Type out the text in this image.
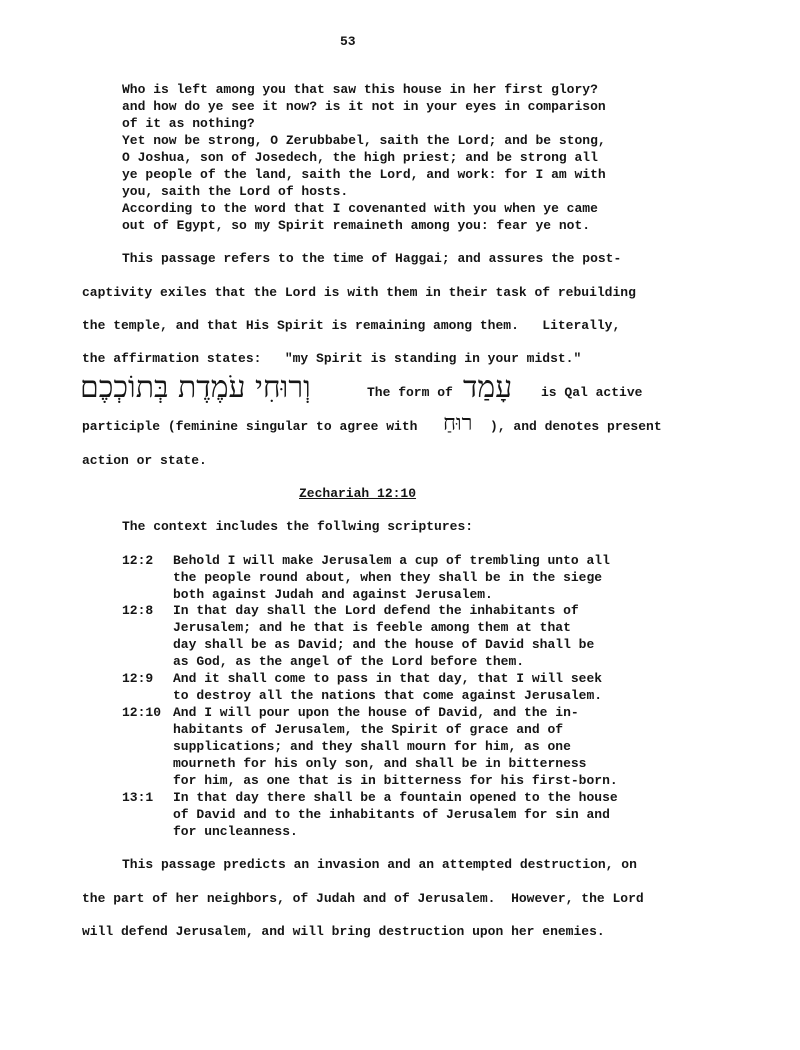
53
Who is left among you that saw this house in her first glory?
and how do ye see it now? is it not in your eyes in comparison
of it as nothing?
Yet now be strong, O Zerubbabel, saith the Lord; and be stong,
O Joshua, son of Josedech, the high priest; and be strong all
ye people of the land, saith the Lord, and work: for I am with
you, saith the Lord of hosts.
According to the word that I covenanted with you when ye came
out of Egypt, so my Spirit remaineth among you: fear ye not.
This passage refers to the time of Haggai; and assures the post-
captivity exiles that the Lord is with them in their task of rebuilding
the temple, and that His Spirit is remaining among them.   Literally,
the affirmation states:   "my Spirit is standing in your midst."
וְרוּחִי עֹמֶדֶת בְּתוֹכְכֶם	The form of עָמַד is Qal active
participle (feminine singular to agree with רוּחַ ), and denotes present
action or state.
Zechariah 12:10
The context includes the follwing scriptures:
12:2 Behold I will make Jerusalem a cup of trembling unto all
the people round about, when they shall be in the siege
both against Judah and against Jerusalem.
12:8 In that day shall the Lord defend the inhabitants of
Jerusalem; and he that is feeble among them at that
day shall be as David; and the house of David shall be
as God, as the angel of the Lord before them.
12:9 And it shall come to pass in that day, that I will seek
to destroy all the nations that come against Jerusalem.
12:10 And I will pour upon the house of David, and the in-
habitants of Jerusalem, the Spirit of grace and of
supplications; and they shall mourn for him, as one
mourneth for his only son, and shall be in bitterness
for him, as one that is in bitterness for his first-born.
13:1 In that day there shall be a fountain opened to the house
of David and to the inhabitants of Jerusalem for sin and
for uncleanness.
This passage predicts an invasion and an attempted destruction, on
the part of her neighbors, of Judah and of Jerusalem.  However, the Lord
will defend Jerusalem, and will bring destruction upon her enemies.
